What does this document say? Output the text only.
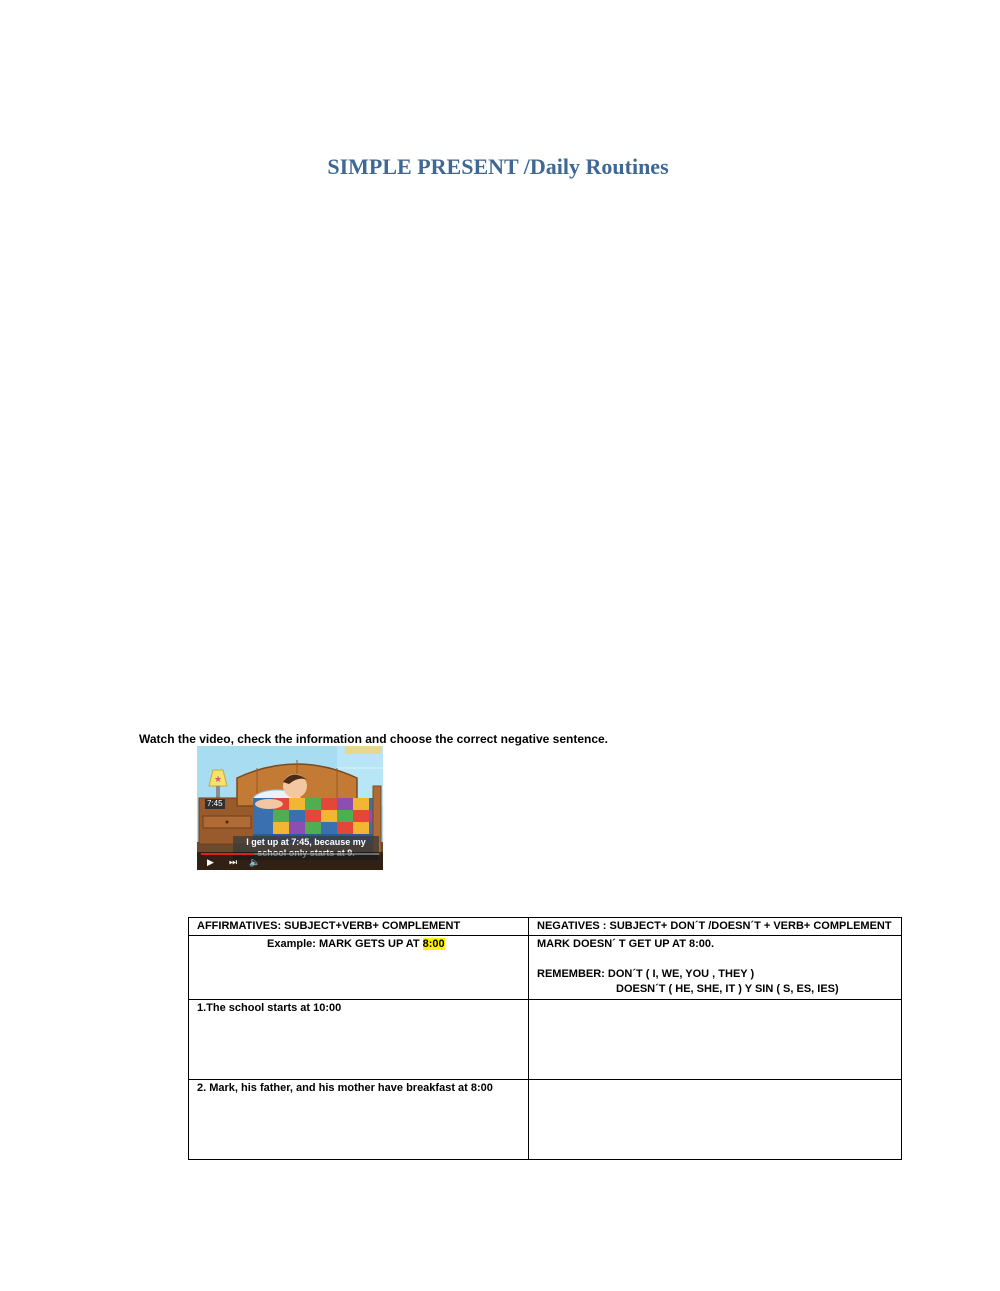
SIMPLE PRESENT /Daily Routines

Watch the video, check the information and choose the correct negative sentence.

★
7:45
I get up at 7:45, because my
▶ ⏭ 🔈
AFFIRMATIVES: SUBJECT+VERB+ COMPLEMENT	NEGATIVES : SUBJECT+ DON´T /DOESN´T + VERB+ COMPLEMENT
Example: MARK GETS UP AT 8:00	MARK DOESN´ T GET UP AT 8:00.
REMEMBER: DON´T ( I, WE, YOU , THEY )
DOESN´T ( HE, SHE, IT ) Y SIN ( S, ES, IES)

1.The school starts at 10:00	
2. Mark, his father, and his mother have breakfast at 8:00	
